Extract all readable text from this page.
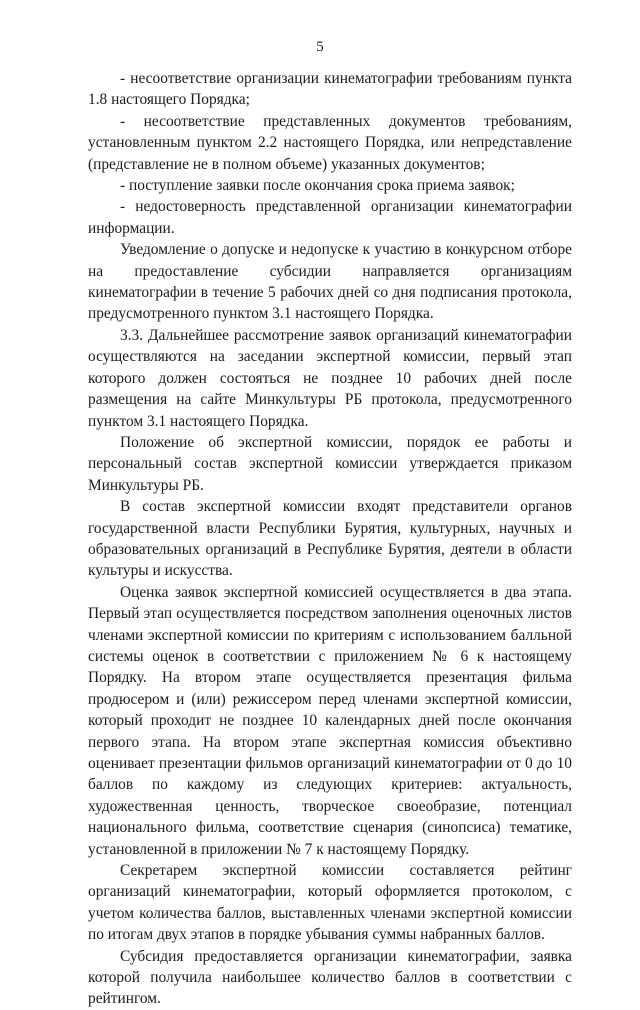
5

- несоответствие организации кинематографии требованиям пункта 1.8 настоящего Порядка;

- несоответствие представленных документов требованиям, установленным пунктом 2.2 настоящего Порядка, или непредставление (представление не в полном объеме) указанных документов;

- поступление заявки после окончания срока приема заявок;

- недостоверность представленной организации кинематографии информации.

Уведомление о допуске и недопуске к участию в конкурсном отборе на предоставление субсидии направляется организациям кинематографии в течение 5 рабочих дней со дня подписания протокола, предусмотренного пунктом 3.1 настоящего Порядка.

3.3. Дальнейшее рассмотрение заявок организаций кинематографии осуществляются на заседании экспертной комиссии, первый этап которого должен состояться не позднее 10 рабочих дней после размещения на сайте Минкультуры РБ протокола, предусмотренного пунктом 3.1 настоящего Порядка.

Положение об экспертной комиссии, порядок ее работы и персональный состав экспертной комиссии утверждается приказом Минкультуры РБ.

В состав экспертной комиссии входят представители органов государственной власти Республики Бурятия, культурных, научных и образовательных организаций в Республике Бурятия, деятели в области культуры и искусства.

Оценка заявок экспертной комиссией осуществляется в два этапа. Первый этап осуществляется посредством заполнения оценочных листов членами экспертной комиссии по критериям с использованием балльной системы оценок в соответствии с приложением № 6 к настоящему Порядку. На втором этапе осуществляется презентация фильма продюсером и (или) режиссером перед членами экспертной комиссии, который проходит не позднее 10 календарных дней после окончания первого этапа. На втором этапе экспертная комиссия объективно оценивает презентации фильмов организаций кинематографии от 0 до 10 баллов по каждому из следующих критериев: актуальность, художественная ценность, творческое своеобразие, потенциал национального фильма, соответствие сценария (синопсиса) тематике, установленной в приложении № 7 к настоящему Порядку.

Секретарем экспертной комиссии составляется рейтинг организаций кинематографии, который оформляется протоколом, с учетом количества баллов, выставленных членами экспертной комиссии по итогам двух этапов в порядке убывания суммы набранных баллов.

Субсидия предоставляется организации кинематографии, заявка которой получила наибольшее количество баллов в соответствии с рейтингом.
